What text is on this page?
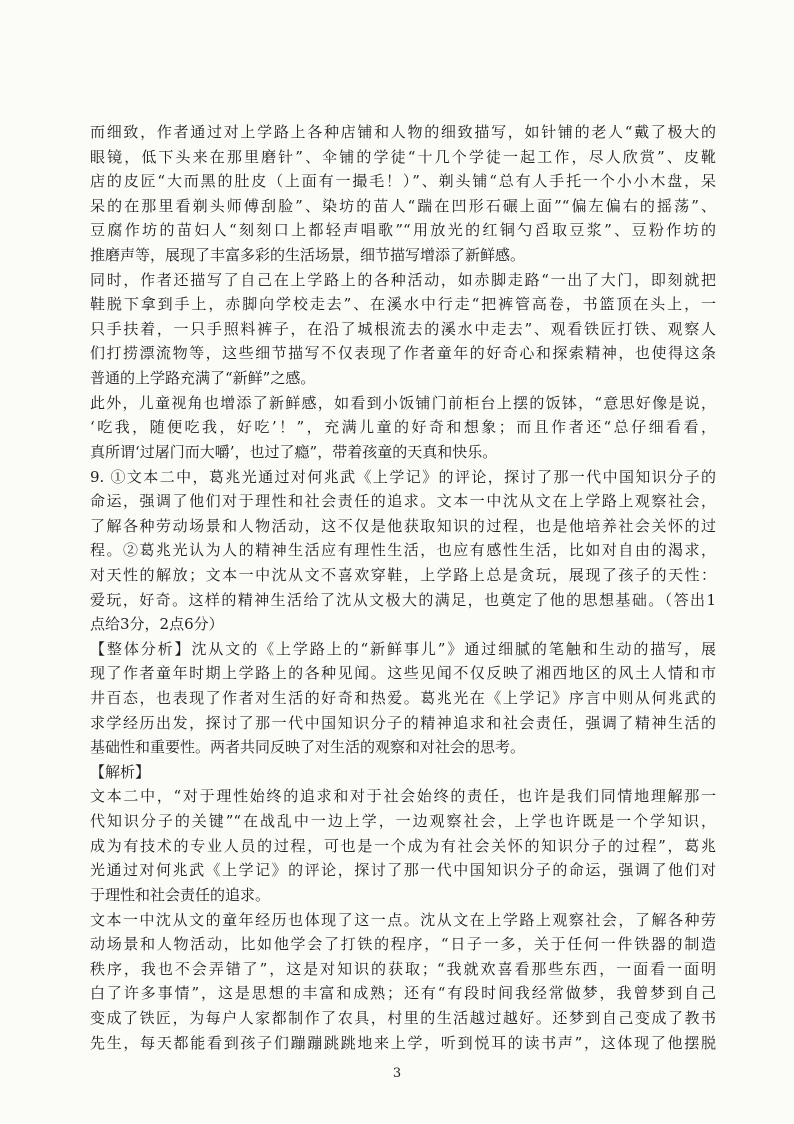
而细致，作者通过对上学路上各种店铺和人物的细致描写，如针铺的老人“戴了极大的
眼镜，低下头来在那里磨针”、伞铺的学徒“十几个学徒一起工作，尽人欣赏”、皮靴
店的皮匠“大而黑的肚皮（上面有一撮毛！）”、剃头铺“总有人手托一个小小木盘，呆
呆的在那里看剃头师傅刮脸”、染坊的苗人“踹在凹形石碾上面”“偏左偏右的摇荡”、
豆腐作坊的苗妇人“刻刻口上都轻声唱歌”“用放光的红铜勺舀取豆浆”、豆粉作坊的
推磨声等，展现了丰富多彩的生活场景，细节描写增添了新鲜感。
同时，作者还描写了自己在上学路上的各种活动，如赤脚走路“一出了大门，即刻就把
鞋脱下拿到手上，赤脚向学校走去”、在溪水中行走“把裤管高卷，书篮顶在头上，一
只手扶着，一只手照料裤子，在沿了城根流去的溪水中走去”、观看铁匠打铁、观察人
们打捞漂流物等，这些细节描写不仅表现了作者童年的好奇心和探索精神，也使得这条
普通的上学路充满了“新鲜”之感。
此外，儿童视角也增添了新鲜感，如看到小饭铺门前柜台上摆的饭钵，“意思好像是说，
‘吃我，随便吃我，好吃’！”，充满儿童的好奇和想象；而且作者还“总仔细看看，
真所谓‘过屠门而大嚼’，也过了瘾”，带着孩童的天真和快乐。
9. ①文本二中，葛兆光通过对何兆武《上学记》的评论，探讨了那一代中国知识分子的
命运，强调了他们对于理性和社会责任的追求。文本一中沈从文在上学路上观察社会，
了解各种劳动场景和人物活动，这不仅是他获取知识的过程，也是他培养社会关怀的过
程。②葛兆光认为人的精神生活应有理性生活，也应有感性生活，比如对自由的渴求，
对天性的解放；文本一中沈从文不喜欢穿鞋，上学路上总是贪玩，展现了孩子的天性：
爱玩，好奇。这样的精神生活给了沈从文极大的满足，也奠定了他的思想基础。（答出1
点给3分，2点6分）
【整体分析】沈从文的《上学路上的“新鲜事儿”》通过细腻的笔触和生动的描写，展
现了作者童年时期上学路上的各种见闻。这些见闻不仅反映了湘西地区的风土人情和市
井百态，也表现了作者对生活的好奇和热爱。葛兆光在《上学记》序言中则从何兆武的
求学经历出发，探讨了那一代中国知识分子的精神追求和社会责任，强调了精神生活的
基础性和重要性。两者共同反映了对生活的观察和对社会的思考。
【解析】
文本二中，“对于理性始终的追求和对于社会始终的责任，也许是我们同情地理解那一
代知识分子的关键”“在战乱中一边上学，一边观察社会，上学也许既是一个学知识，
成为有技术的专业人员的过程，可也是一个成为有社会关怀的知识分子的过程”，葛兆
光通过对何兆武《上学记》的评论，探讨了那一代中国知识分子的命运，强调了他们对
于理性和社会责任的追求。
文本一中沈从文的童年经历也体现了这一点。沈从文在上学路上观察社会，了解各种劳
动场景和人物活动，比如他学会了打铁的程序，“日子一多，关于任何一件铁器的制造
秩序，我也不会弄错了”，这是对知识的获取；“我就欢喜看那些东西，一面看一面明
白了许多事情”，这是思想的丰富和成熟；还有“有段时间我经常做梦，我曾梦到自己
变成了铁匠，为每户人家都制作了农具，村里的生活越过越好。还梦到自己变成了教书
先生，每天都能看到孩子们蹦蹦跳跳地来上学，听到悦耳的读书声”，这体现了他摆脱
3
